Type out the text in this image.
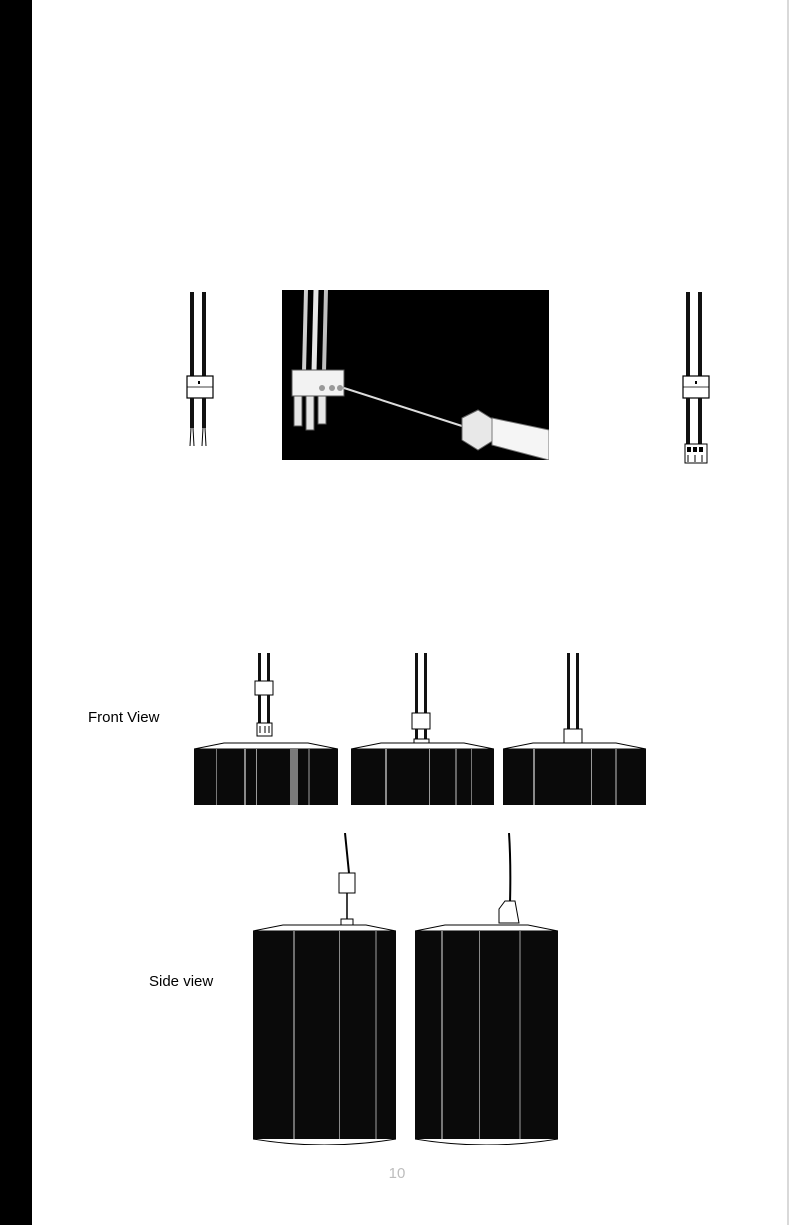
Front View
Side view
10
